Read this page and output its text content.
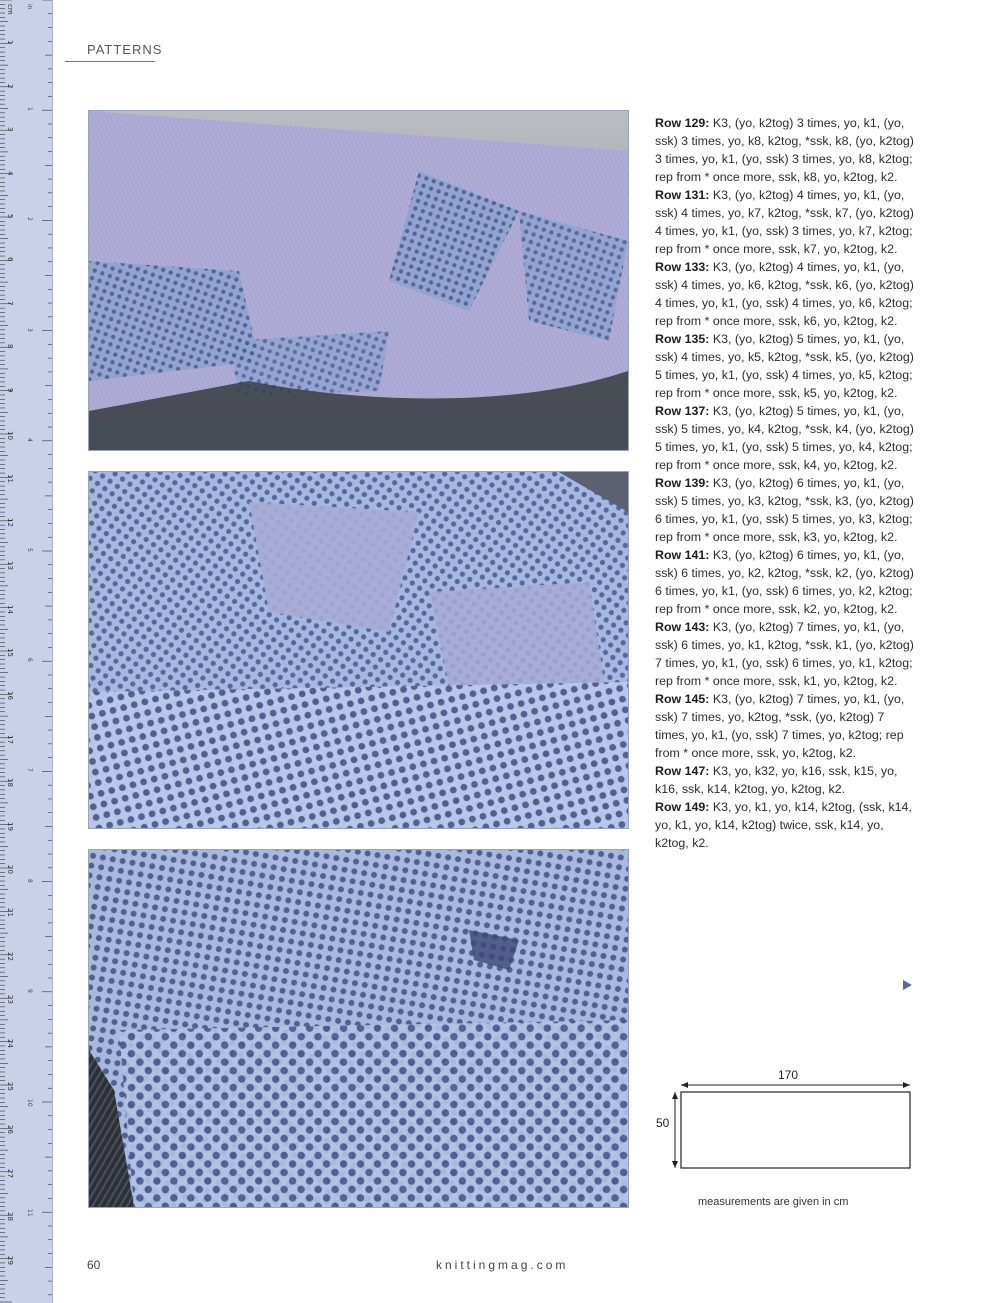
1
2
3
4
5
6
7
8
9
10
11
12
13
14
15
16
17
18
19
20
21
22
23
24
25
26
27
28
29
1
2
3
4
5
6
7
8
9
10
11
cm in
PATTERNS

Row 129: K3, (yo, k2tog) 3 times, yo, k1, (yo, ssk) 3 times, yo, k8, k2tog, *ssk, k8, (yo, k2tog) 3 times, yo, k1, (yo, ssk) 3 times, yo, k8, k2tog; rep from * once more, ssk, k8, yo, k2tog, k2.

Row 131: K3, (yo, k2tog) 4 times, yo, k1, (yo, ssk) 4 times, yo, k7, k2tog, *ssk, k7, (yo, k2tog) 4 times, yo, k1, (yo, ssk) 3 times, yo, k7, k2tog; rep from * once more, ssk, k7, yo, k2tog, k2.

Row 133: K3, (yo, k2tog) 4 times, yo, k1, (yo, ssk) 4 times, yo, k6, k2tog, *ssk, k6, (yo, k2tog) 4 times, yo, k1, (yo, ssk) 4 times, yo, k6, k2tog; rep from * once more, ssk, k6, yo, k2tog, k2.

Row 135: K3, (yo, k2tog) 5 times, yo, k1, (yo, ssk) 4 times, yo, k5, k2tog, *ssk, k5, (yo, k2tog) 5 times, yo, k1, (yo, ssk) 4 times, yo, k5, k2tog; rep from * once more, ssk, k5, yo, k2tog, k2.

Row 137: K3, (yo, k2tog) 5 times, yo, k1, (yo, ssk) 5 times, yo, k4, k2tog, *ssk, k4, (yo, k2tog) 5 times, yo, k1, (yo, ssk) 5 times, yo, k4, k2tog; rep from * once more, ssk, k4, yo, k2tog, k2.

Row 139: K3, (yo, k2tog) 6 times, yo, k1, (yo, ssk) 5 times, yo, k3, k2tog, *ssk, k3, (yo, k2tog) 6 times, yo, k1, (yo, ssk) 5 times, yo, k3, k2tog; rep from * once more, ssk, k3, yo, k2tog, k2.

Row 141: K3, (yo, k2tog) 6 times, yo, k1, (yo, ssk) 6 times, yo, k2, k2tog, *ssk, k2, (yo, k2tog) 6 times, yo, k1, (yo, ssk) 6 times, yo, k2, k2tog; rep from * once more, ssk, k2, yo, k2tog, k2.

Row 143: K3, (yo, k2tog) 7 times, yo, k1, (yo, ssk) 6 times, yo, k1, k2tog, *ssk, k1, (yo, k2tog) 7 times, yo, k1, (yo, ssk) 6 times, yo, k1, k2tog; rep from * once more, ssk, k1, yo, k2tog, k2.

Row 145: K3, (yo, k2tog) 7 times, yo, k1, (yo, ssk) 7 times, yo, k2tog, *ssk, (yo, k2tog) 7 times, yo, k1, (yo, ssk) 7 times, yo, k2tog; rep from * once more, ssk, yo, k2tog, k2.

Row 147: K3, yo, k32, yo, k16, ssk, k15, yo, k16, ssk, k14, k2tog, yo, k2tog, k2.

Row 149: K3, yo, k1, yo, k14, k2tog, (ssk, k14, yo, k1, yo, k14, k2tog) twice, ssk, k14, yo, k2tog, k2.

170
50
measurements are given in cm
60	knittingmag.com
